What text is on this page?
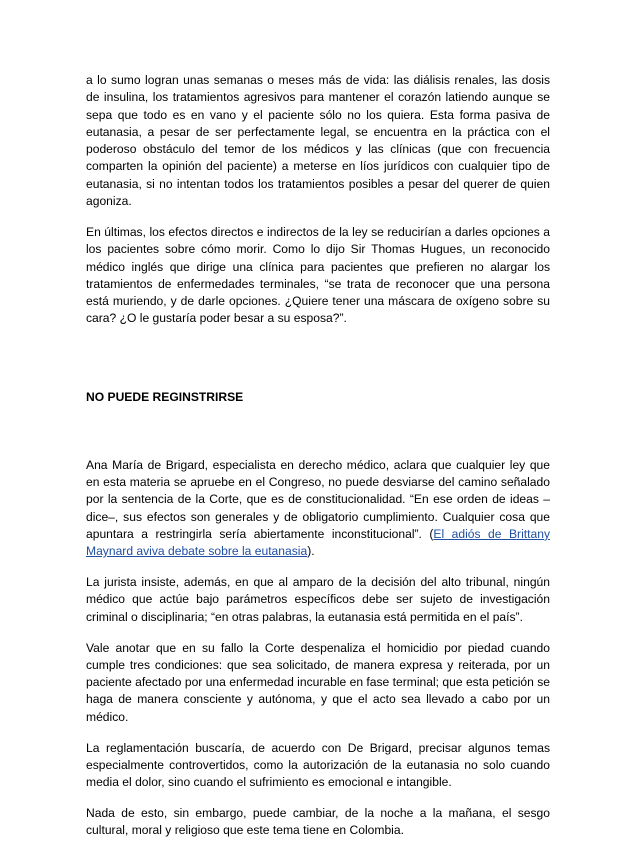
a lo sumo logran unas semanas o meses más de vida: las diálisis renales, las dosis de insulina, los tratamientos agresivos para mantener el corazón latiendo aunque se sepa que todo es en vano y el paciente sólo no los quiera. Esta forma pasiva de eutanasia, a pesar de ser perfectamente legal, se encuentra en la práctica con el poderoso obstáculo del temor de los médicos y las clínicas (que con frecuencia comparten la opinión del paciente) a meterse en líos jurídicos con cualquier tipo de eutanasia, si no intentan todos los tratamientos posibles a pesar del querer de quien agoniza.

En últimas, los efectos directos e indirectos de la ley se reducirían a darles opciones a los pacientes sobre cómo morir. Como lo dijo Sir Thomas Hugues, un reconocido médico inglés que dirige una clínica para pacientes que prefieren no alargar los tratamientos de enfermedades terminales, “se trata de reconocer que una persona está muriendo, y de darle opciones. ¿Quiere tener una máscara de oxígeno sobre su cara? ¿O le gustaría poder besar a su esposa?”.

NO PUEDE REGINSTRIRSE

Ana María de Brigard, especialista en derecho médico, aclara que cualquier ley que en esta materia se apruebe en el Congreso, no puede desviarse del camino señalado por la sentencia de la Corte, que es de constitucionalidad. “En ese orden de ideas –dice–, sus efectos son generales y de obligatorio cumplimiento. Cualquier cosa que apuntara a restringirla sería abiertamente inconstitucional”. (El adiós de Brittany Maynard aviva debate sobre la eutanasia).

La jurista insiste, además, en que al amparo de la decisión del alto tribunal, ningún médico que actúe bajo parámetros específicos debe ser sujeto de investigación criminal o disciplinaria; “en otras palabras, la eutanasia está permitida en el país”.

Vale anotar que en su fallo la Corte despenaliza el homicidio por piedad cuando cumple tres condiciones: que sea solicitado, de manera expresa y reiterada, por un paciente afectado por una enfermedad incurable en fase terminal; que esta petición se haga de manera consciente y autónoma, y que el acto sea llevado a cabo por un médico.

La reglamentación buscaría, de acuerdo con De Brigard, precisar algunos temas especialmente controvertidos, como la autorización de la eutanasia no solo cuando media el dolor, sino cuando el sufrimiento es emocional e intangible.

Nada de esto, sin embargo, puede cambiar, de la noche a la mañana, el sesgo cultural, moral y religioso que este tema tiene en Colombia.
